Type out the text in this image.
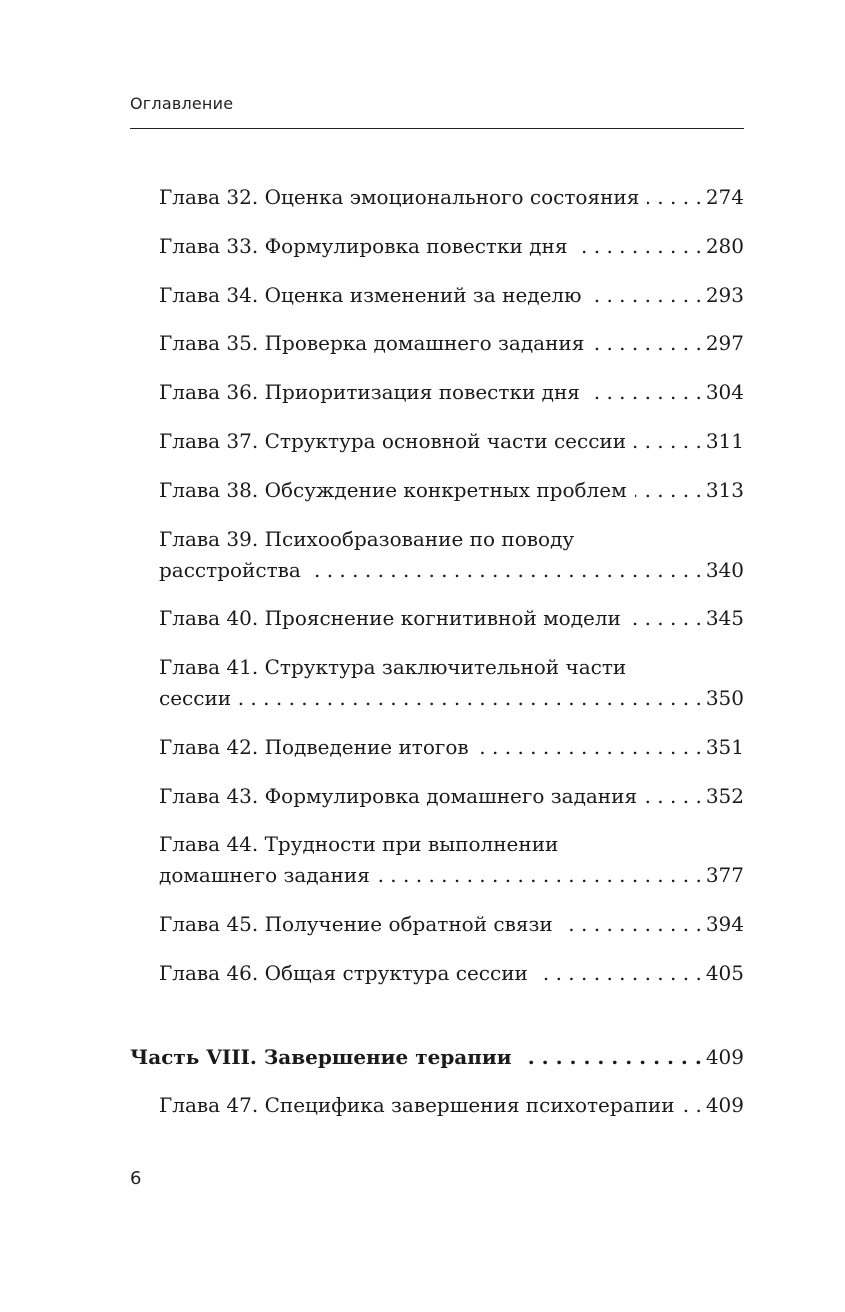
Оглавление
Глава 32. Оценка эмоционального состояния . . .	274
Глава 33. Формулировка повестки дня . . .	280
Глава 34. Оценка изменений за неделю . . .	293
Глава 35. Проверка домашнего задания . . .	297
Глава 36. Приоритизация повестки дня . . .	304
Глава 37. Структура основной части сессии . . .	311
Глава 38. Обсуждение конкретных проблем . . .	313
Глава 39. Психообразование по поводу
расстройства . . .	340
Глава 40. Прояснение когнитивной модели . . .	345
Глава 41. Структура заключительной части
сессии . . .	350
Глава 42. Подведение итогов . . .	351
Глава 43. Формулировка домашнего задания . . .	352
Глава 44. Трудности при выполнении
домашнего задания . . .	377
Глава 45. Получение обратной связи . . .	394
Глава 46. Общая структура сессии . . .	405
Часть VIII. Завершение терапии . . .	409
Глава 47. Специфика завершения психотерапии . . . 409
6
